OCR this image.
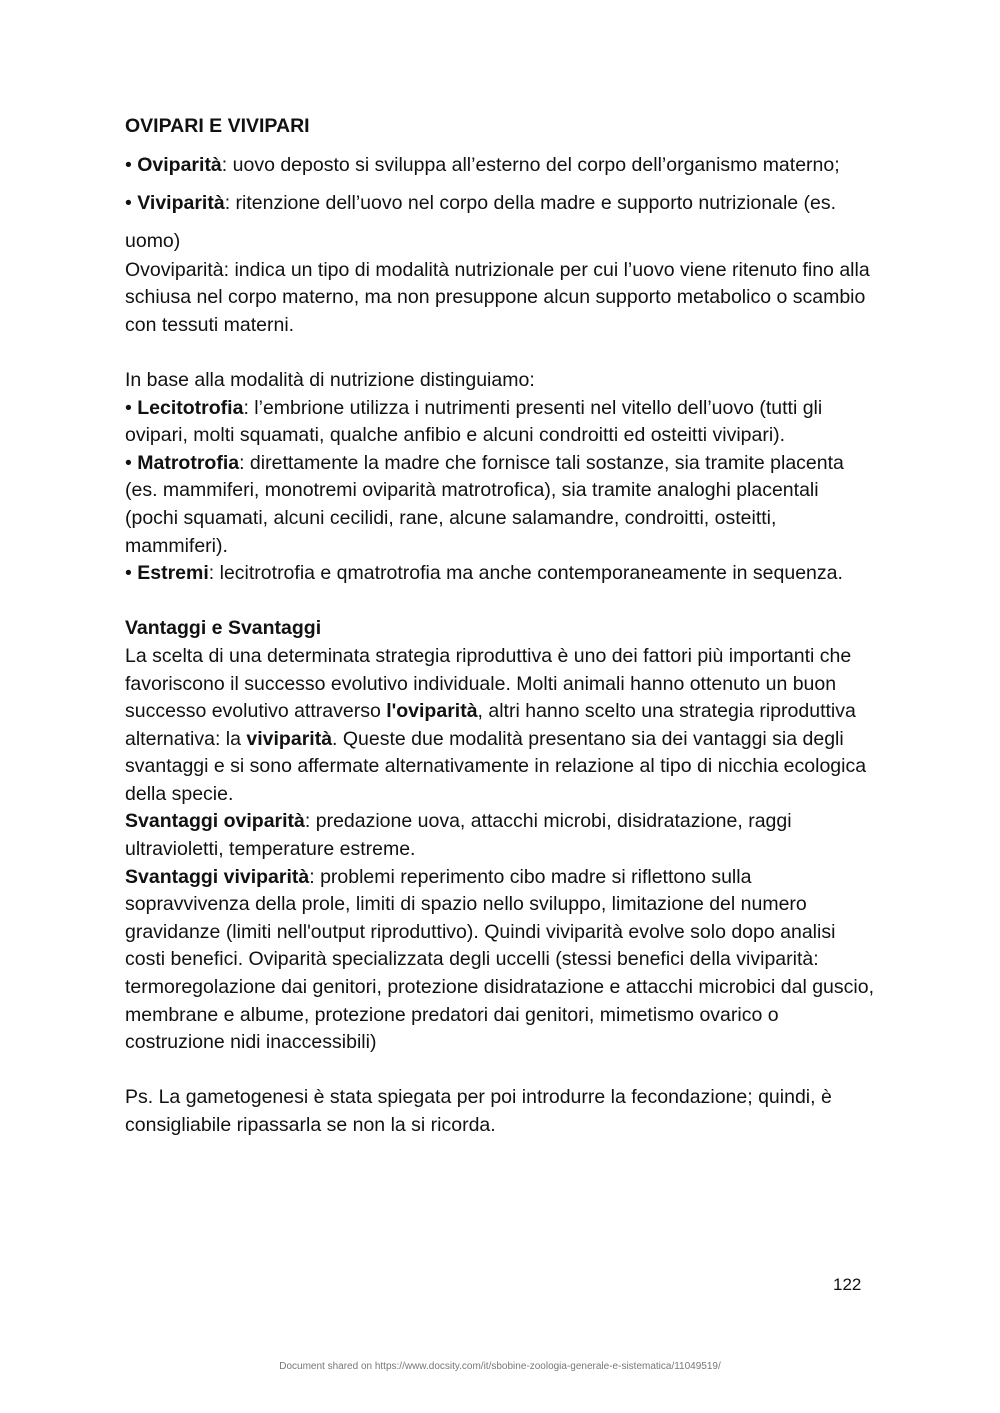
OVIPARI E VIVIPARI

• Oviparità: uovo deposto si sviluppa all’esterno del corpo dell’organismo materno;

• Viviparità: ritenzione dell’uovo nel corpo della madre e supporto nutrizionale (es. uomo)

Ovoviparità: indica un tipo di modalità nutrizionale per cui l’uovo viene ritenuto fino alla schiusa nel corpo materno, ma non presuppone alcun supporto metabolico o scambio con tessuti materni.

In base alla modalità di nutrizione distinguiamo:

• Lecitotrofia: l’embrione utilizza i nutrimenti presenti nel vitello dell’uovo (tutti gli ovipari, molti squamati, qualche anfibio e alcuni condroitti ed osteitti vivipari).

• Matrotrofia: direttamente la madre che fornisce tali sostanze, sia tramite placenta (es. mammiferi, monotremi oviparità matrotrofica), sia tramite analoghi placentali (pochi squamati, alcuni cecilidi, rane, alcune salamandre, condroitti, osteitti, mammiferi).

• Estremi: lecitrotrofia e qmatrotrofia ma anche contemporaneamente in sequenza.

Vantaggi e Svantaggi

La scelta di una determinata strategia riproduttiva è uno dei fattori più importanti che favoriscono il successo evolutivo individuale. Molti animali hanno ottenuto un buon successo evolutivo attraverso l'oviparità, altri hanno scelto una strategia riproduttiva alternativa: la viviparità. Queste due modalità presentano sia dei vantaggi sia degli svantaggi e si sono affermate alternativamente in relazione al tipo di nicchia ecologica della specie.

Svantaggi oviparità: predazione uova, attacchi microbi, disidratazione, raggi ultravioletti, temperature estreme.

Svantaggi viviparità: problemi reperimento cibo madre si riflettono sulla sopravvivenza della prole, limiti di spazio nello sviluppo, limitazione del numero gravidanze (limiti nell'output riproduttivo). Quindi viviparità evolve solo dopo analisi costi benefici. Oviparità specializzata degli uccelli (stessi benefici della viviparità:

termoregolazione dai genitori, protezione disidratazione e attacchi microbici dal guscio, membrane e albume, protezione predatori dai genitori, mimetismo ovarico o costruzione nidi inaccessibili)

Ps. La gametogenesi è stata spiegata per poi introdurre la fecondazione; quindi, è consigliabile ripassarla se non la si ricorda.

122
Document shared on https://www.docsity.com/it/sbobine-zoologia-generale-e-sistematica/11049519/
